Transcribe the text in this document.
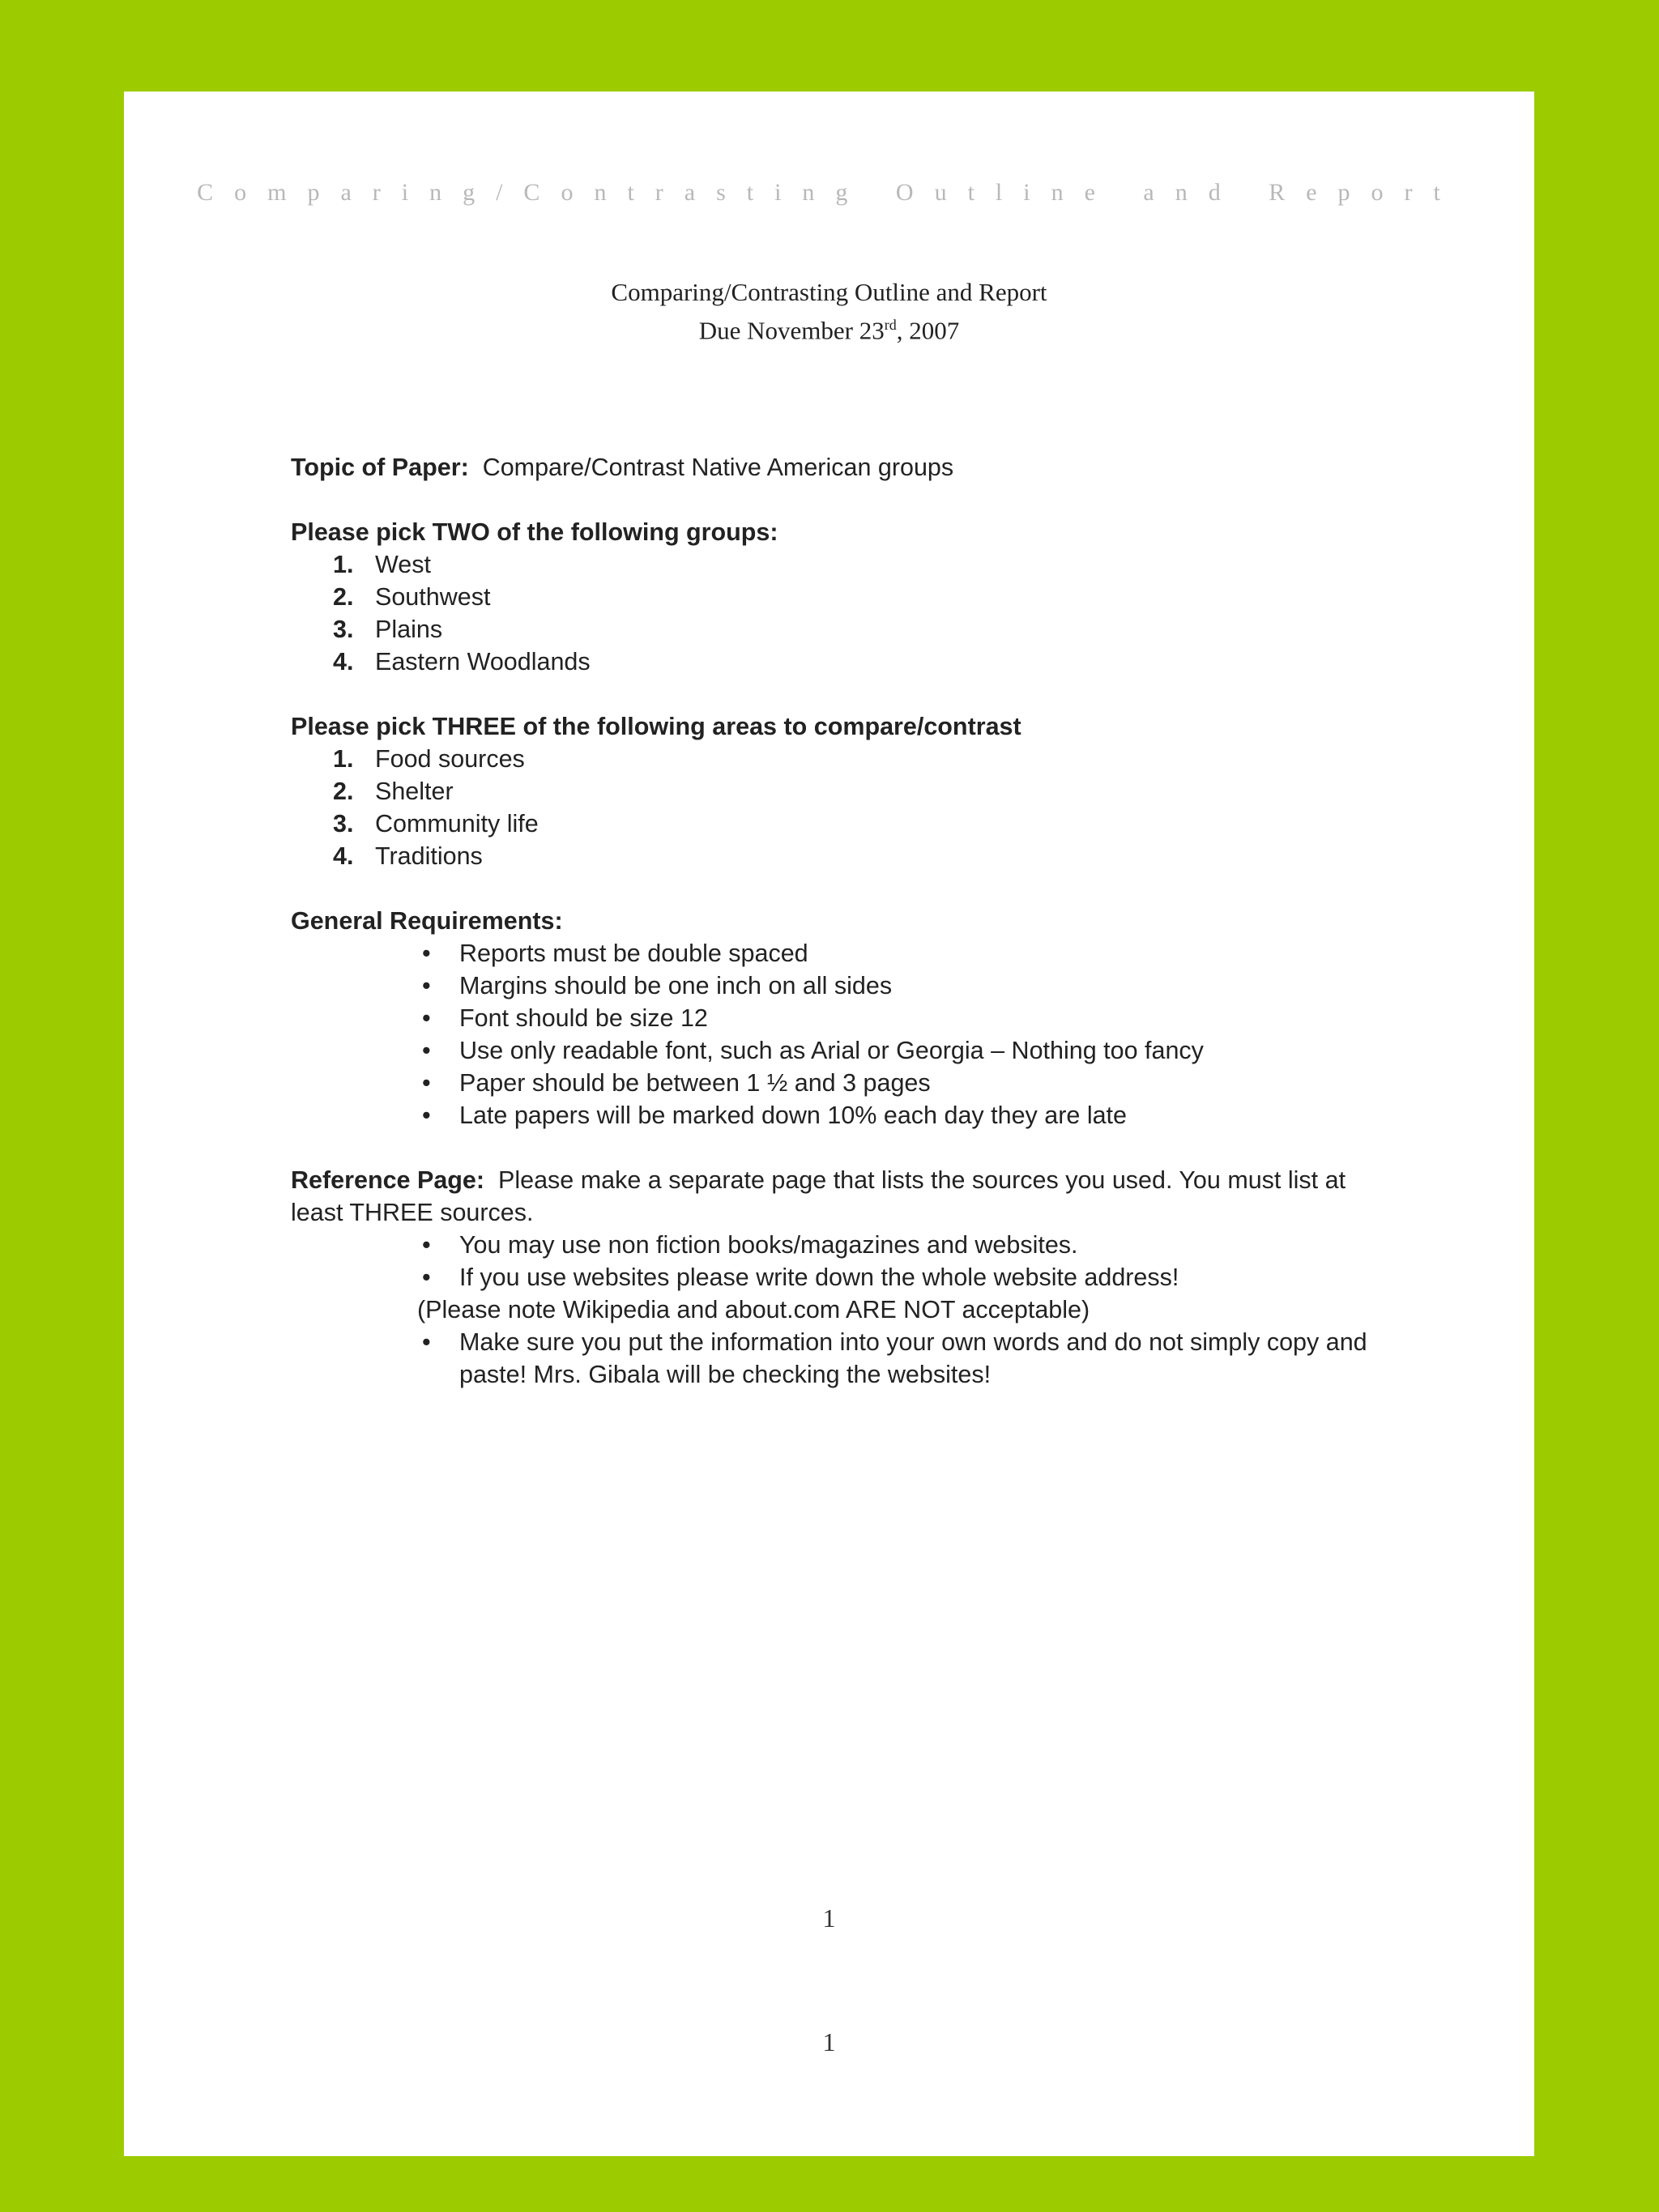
Comparing/Contrasting Outline and Report
Comparing/Contrasting Outline and Report
Due November 23rd, 2007

Topic of Paper: Compare/Contrast Native American groups

Please pick TWO of the following groups:

1. West
2. Southwest
3. Plains
4. Eastern Woodlands

Please pick THREE of the following areas to compare/contrast

1. Food sources
2. Shelter
3. Community life
4. Traditions

General Requirements:

• Reports must be double spaced
• Margins should be one inch on all sides
• Font should be size 12
• Use only readable font, such as Arial or Georgia – Nothing too fancy
• Paper should be between 1 ½ and 3 pages
• Late papers will be marked down 10% each day they are late

Reference Page: Please make a separate page that lists the sources you used. You must list at least THREE sources.

• You may use non fiction books/magazines and websites.
• If you use websites please write down the whole website address!
(Please note Wikipedia and about.com ARE NOT acceptable)
• Make sure you put the information into your own words and do not simply copy and paste! Mrs. Gibala will be checking the websites!
1
1
